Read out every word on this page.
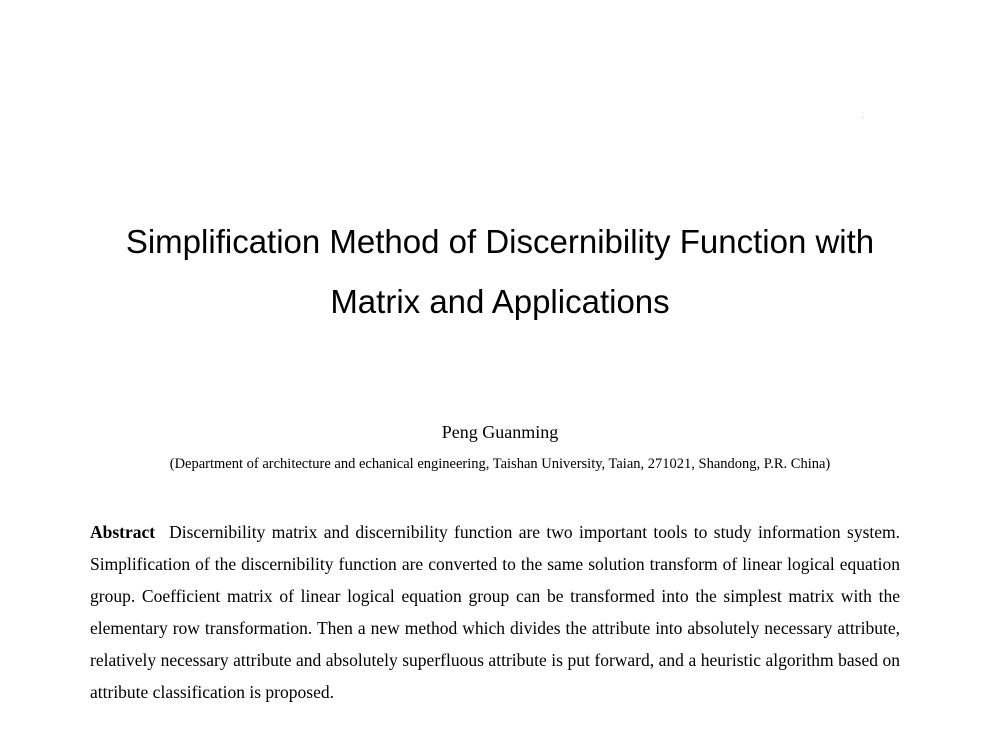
Simplification Method of Discernibility Function with
Matrix and Applications
Peng Guanming
(Department of architecture and echanical engineering, Taishan University, Taian, 271021, Shandong, P.R. China)

Abstract Discernibility matrix and discernibility function are two important tools to study information system. Simplification of the discernibility function are converted to the same solution transform of linear logical equation group. Coefficient matrix of linear logical equation group can be transformed into the simplest matrix with the elementary row transformation. Then a new method which divides the attribute into absolutely necessary attribute, relatively necessary attribute and absolutely superfluous attribute is put forward, and a heuristic algorithm based on attribute classification is proposed.
